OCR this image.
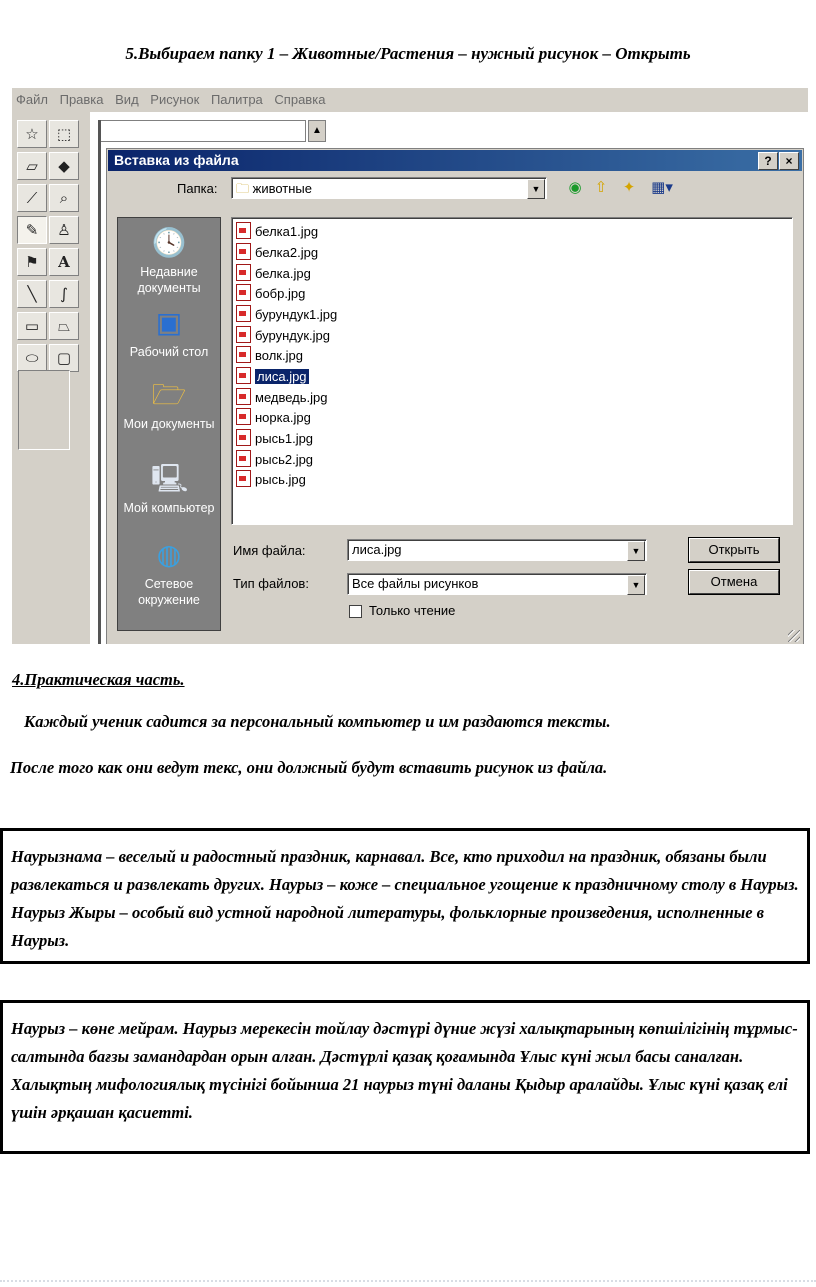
5.Выбираем папку 1 – Животные/Растения – нужный рисунок – Открыть
Файл Правка Вид Рисунок Палитра Справка
☆	⬚
▱	◆
⟋	⌕
✎	♙
⚑	A
╲	∫
▭	⏢
⬭	▢
▲
Вставка из файла	?	×
Папка: 🗀 животные	▼	◉ ⇧ ✦ ▦▾
🕓
Недавние документы
▣
Рабочий стол
🗁
Мои документы
🖳
Мой компьютер
◍
Сетевое окружение
белка1.jpg
белка2.jpg
белка.jpg
бобр.jpg
бурундук1.jpg
бурундук.jpg
волк.jpg
лиса.jpg
медведь.jpg
норка.jpg
рысь1.jpg
рысь2.jpg
рысь.jpg
Имя файла:	лиса.jpg	▼
Тип файлов:	Все файлы рисунков	▼
Только чтение
Открыть
Отмена
4.Практическая часть.
Каждый ученик садится за персональный компьютер и им раздаются тексты.
После того как они ведут текс, они должный будут вставить рисунок из файла.
Наурызнама – веселый и радостный праздник, карнавал. Все, кто приходил на праздник, обязаны были развлекаться и развлекать других. Наурыз – коже – специальное угощение к праздничному столу в Наурыз. Наурыз Жыры – особый вид устной народной литературы, фольклорные произведения, исполненные в Наурыз.
Наурыз – көне мейрам. Наурыз мерекесін тойлау дәстүрі дүние жүзі халықтарының көпшілігінің тұрмыс-салтында бағзы замандардан орын алған. Дәстүрлі қазақ қоғамында Ұлыс күні жыл басы саналған. Халықтың мифологиялық түсінігі бойынша 21 наурыз түні даланы Қыдыр аралайды. Ұлыс күні қазақ елі үшін әрқашан қасиетті.
